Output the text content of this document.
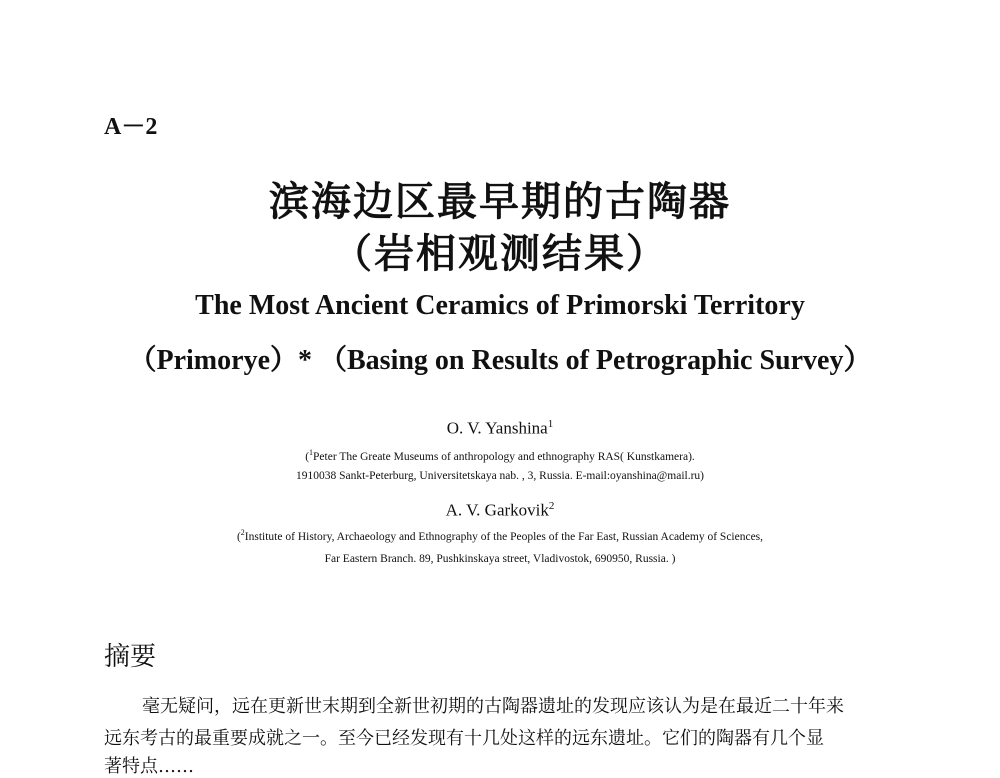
A－2
滨海边区最早期的古陶器
（岩相观测结果）
The Most Ancient Ceramics of Primorski Territory
（Primorye）* （Basing on Results of Petrographic Survey）
O. V. Yanshina$^1$
($^1$Peter The Greate Museums of anthropology and ethnography RAS( Kunstkamera).
1910038 Sankt-Peterburg, Universitetskaya nab. , 3, Russia. E-mail:oyanshina@mail.ru)
A. V. Garkovik$^2$
($^2$Institute of History, Archaeology and Ethnography of the Peoples of the Far East, Russian Academy of Sciences,
Far Eastern Branch. 89, Pushkinskaya street, Vladivostok, 690950, Russia. )
摘要
毫无疑问，远在更新世末期到全新世初期的古陶器遗址的发现应该认为是在最近二十年来
远东考古的最重要成就之一。至今已经发现有十几处这样的远东遗址。它们的陶器有几个显
著特点……
